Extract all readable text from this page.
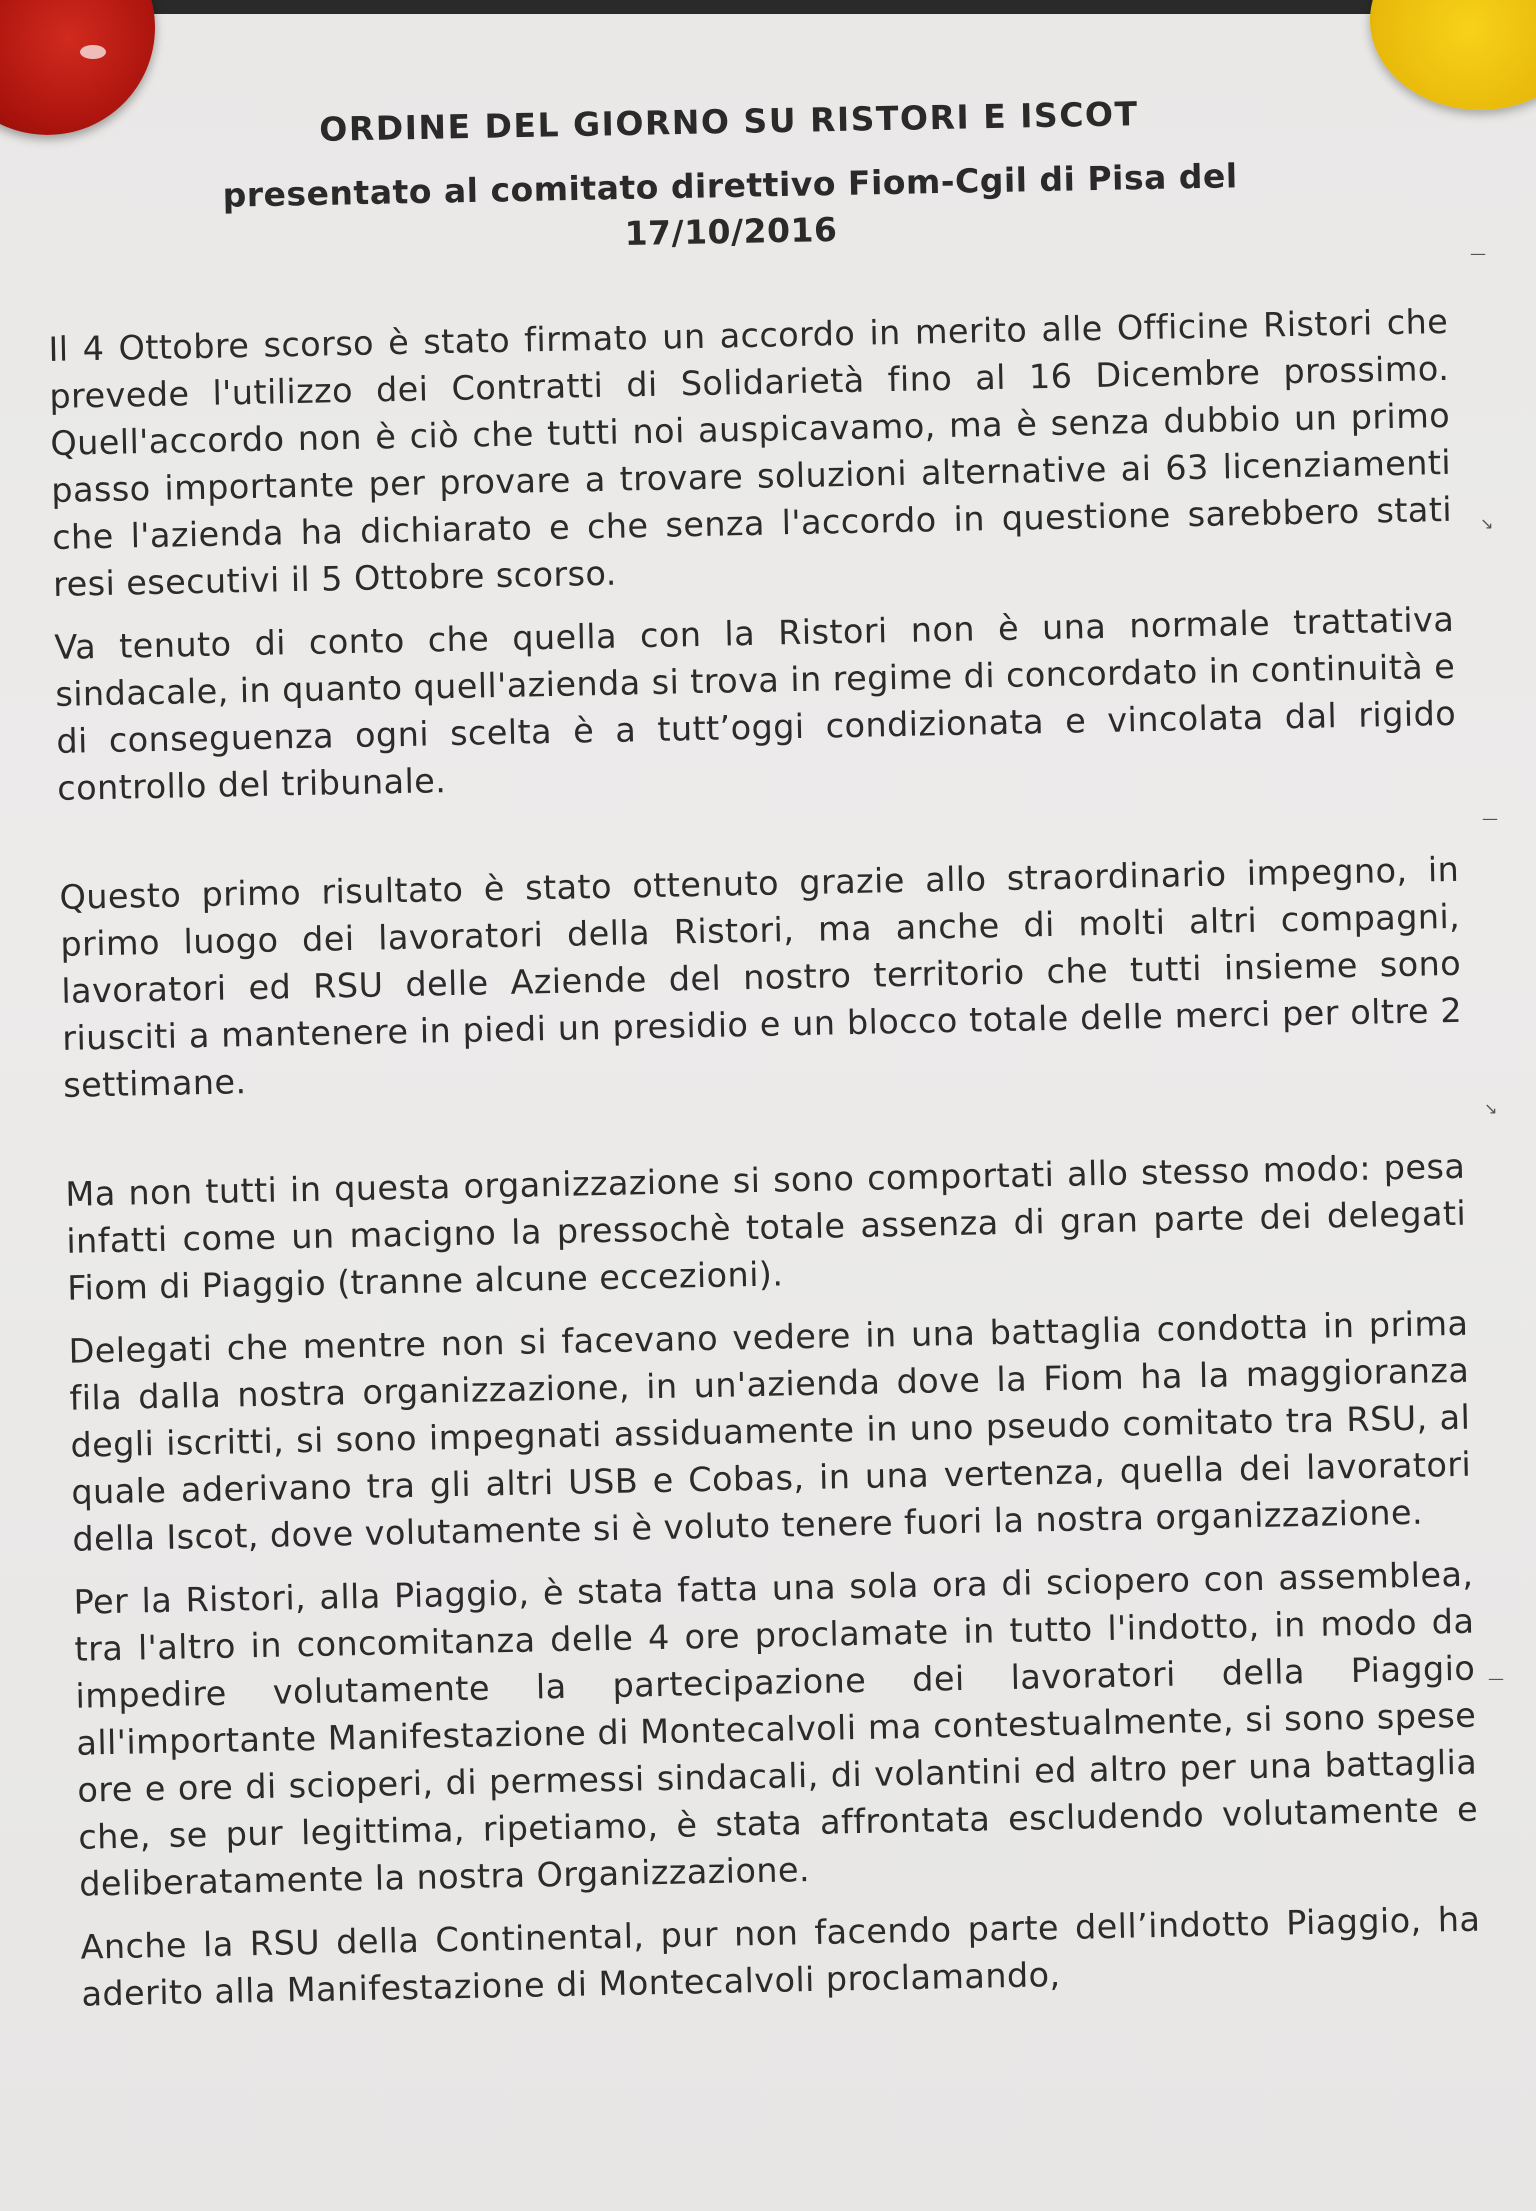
ORDINE DEL GIORNO SU RISTORI E ISCOT

presentato al comitato direttivo Fiom-Cgil di Pisa del
17/10/2016

Il 4 Ottobre scorso è stato firmato un accordo in merito alle Officine Ristori che prevede l'utilizzo dei Contratti di Solidarietà fino al 16 Dicembre prossimo. Quell'accordo non è ciò che tutti noi auspicavamo, ma è senza dubbio un primo passo importante per provare a trovare soluzioni alternative ai 63 licenziamenti che l'azienda ha dichiarato e che senza l'accordo in questione sarebbero stati resi esecutivi il 5 Ottobre scorso.

Va tenuto di conto che quella con la Ristori non è una normale trattativa sindacale, in quanto quell'azienda si trova in regime di concordato in continuità e di conseguenza ogni scelta è a tutt’oggi condizionata e vincolata dal rigido controllo del tribunale.

Questo primo risultato è stato ottenuto grazie allo straordinario impegno, in primo luogo dei lavoratori della Ristori, ma anche di molti altri compagni, lavoratori ed RSU delle Aziende del nostro territorio che tutti insieme sono riusciti a mantenere in piedi un presidio e un blocco totale delle merci per oltre 2 settimane.

Ma non tutti in questa organizzazione si sono comportati allo stesso modo: pesa infatti come un macigno la pressochè totale assenza di gran parte dei delegati Fiom di Piaggio (tranne alcune eccezioni).

Delegati che mentre non si facevano vedere in una battaglia condotta in prima fila dalla nostra organizzazione, in un'azienda dove la Fiom ha la maggioranza degli iscritti, si sono impegnati assiduamente in uno pseudo comitato tra RSU, al quale aderivano tra gli altri USB e Cobas, in una vertenza, quella dei lavoratori della Iscot, dove volutamente si è voluto tenere fuori la nostra organizzazione.

Per la Ristori, alla Piaggio, è stata fatta una sola ora di sciopero con assemblea, tra l'altro in concomitanza delle 4 ore proclamate in tutto l'indotto, in modo da impedire volutamente la partecipazione dei lavoratori della Piaggio all'importante Manifestazione di Montecalvoli ma contestualmente, si sono spese ore e ore di scioperi, di permessi sindacali, di volantini ed altro per una battaglia che, se pur legittima, ripetiamo, è stata affrontata escludendo volutamente e deliberatamente la nostra Organizzazione.

Anche la RSU della Continental, pur non facendo parte dell’indotto Piaggio, ha aderito alla Manifestazione di Montecalvoli proclamando,

—
↘
—
↘
—
